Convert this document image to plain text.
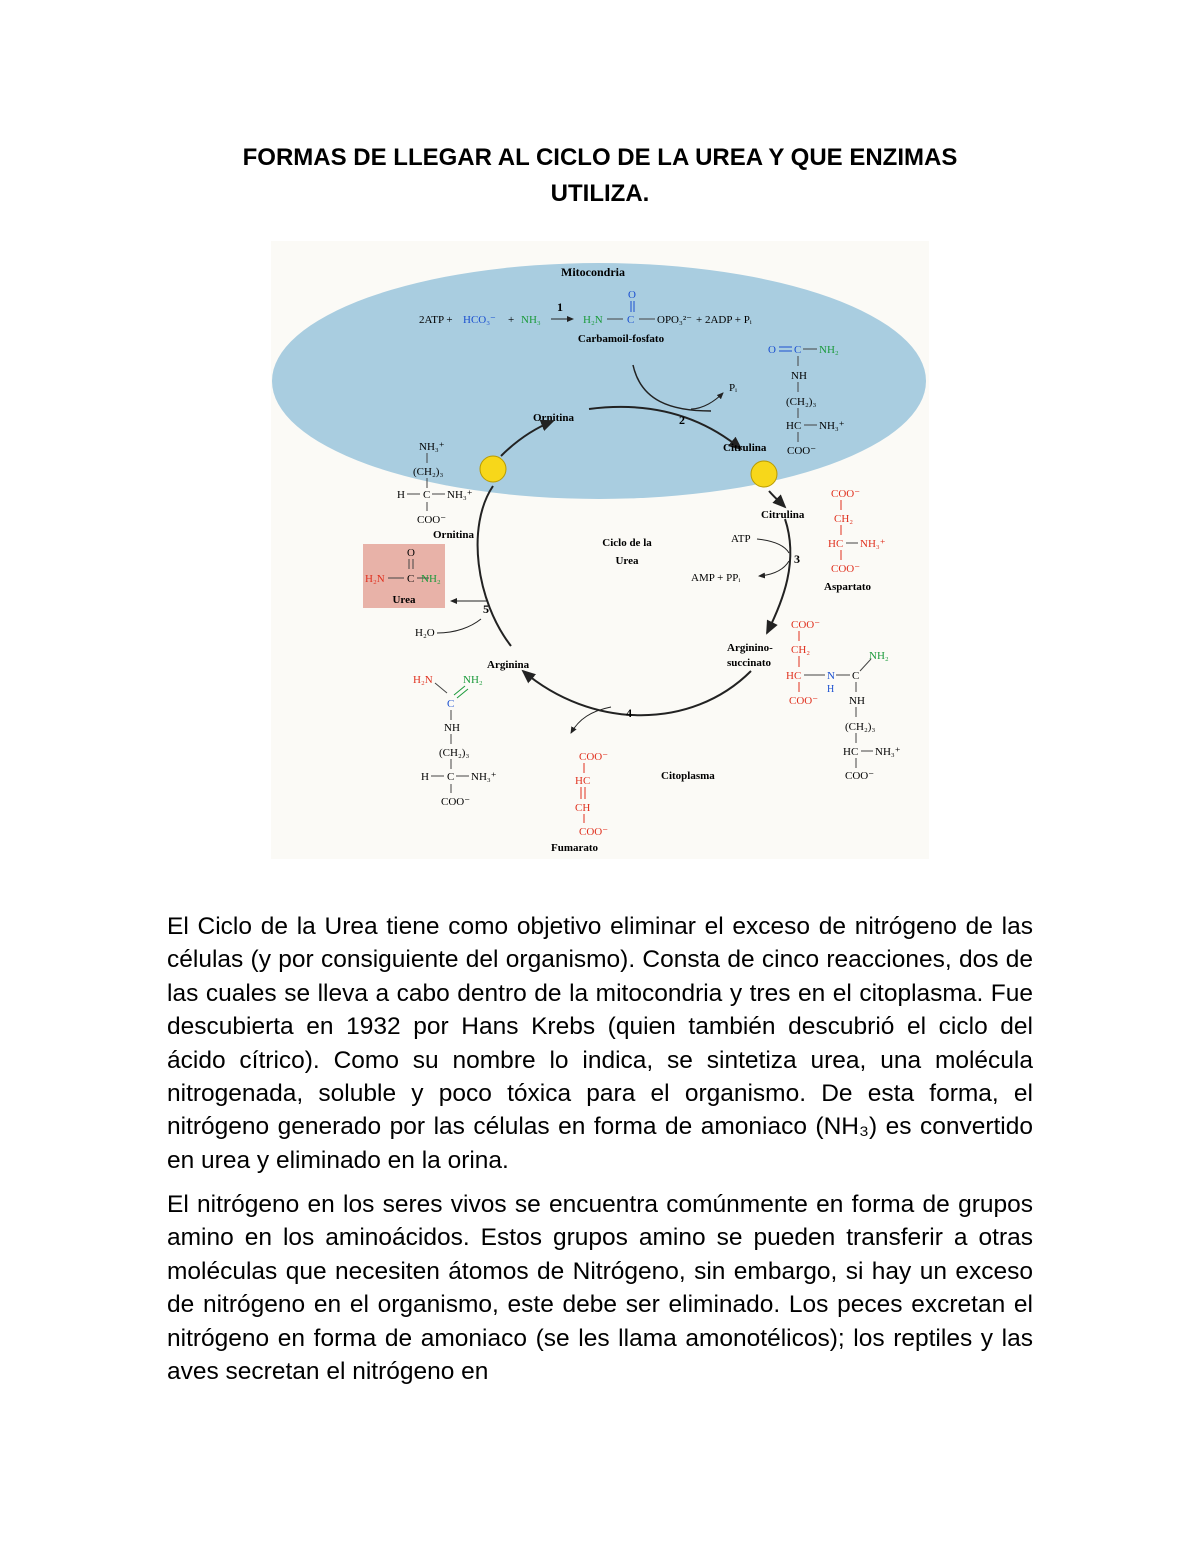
FORMAS DE LLEGAR AL CICLO DE LA UREA Y QUE ENZIMAS
UTILIZA.
Mitocondria
2ATP + HCO₃⁻ + NH₃
1
H₂N C
O
OPO₃²⁻ + 2ADP + Pᵢ
Carbamoil-fosfato
Pᵢ
2
Ornitina
Citrulina
O C NH₂
NH
(CH₂)₃
HC NH₃⁺
COO⁻
NH₃⁺
(CH₂)₃
H C NH₃⁺
COO⁻
Ornitina
Ciclo de la
Urea
O
H₂N C NH₂
Urea
5
H₂O
Citrulina
ATP
3
AMP + PPᵢ
COO⁻
CH₂
HC NH₃⁺
COO⁻
Aspartato
Arginino-
succinato
COO⁻
CH₂
HC N
H
C
NH₂
COO⁻	NH
(CH₂)₃
HC NH₃⁺
COO⁻
4
Arginina
H₂N	NH₂
C
NH
(CH₂)₃
H C NH₃⁺
COO⁻
COO⁻
HC
CH
COO⁻
Fumarato
Citoplasma

El Ciclo de la Urea tiene como objetivo eliminar el exceso de nitrógeno de las células (y por consiguiente del organismo). Consta de cinco reacciones, dos de las cuales se lleva a cabo dentro de la mitocondria y tres en el citoplasma. Fue descubierta en 1932 por Hans Krebs (quien también descubrió el ciclo del ácido cítrico). Como su nombre lo indica, se sintetiza urea, una molécula nitrogenada, soluble y poco tóxica para el organismo. De esta forma, el nitrógeno generado por las células en forma de amoniaco (NH₃) es convertido en urea y eliminado en la orina.

El nitrógeno en los seres vivos se encuentra comúnmente en forma de grupos amino en los aminoácidos. Estos grupos amino se pueden transferir a otras moléculas que necesiten átomos de Nitrógeno, sin embargo, si hay un exceso de nitrógeno en el organismo, este debe ser eliminado. Los peces excretan el nitrógeno en forma de amoniaco (se les llama amonotélicos); los reptiles y las aves secretan el nitrógeno en
